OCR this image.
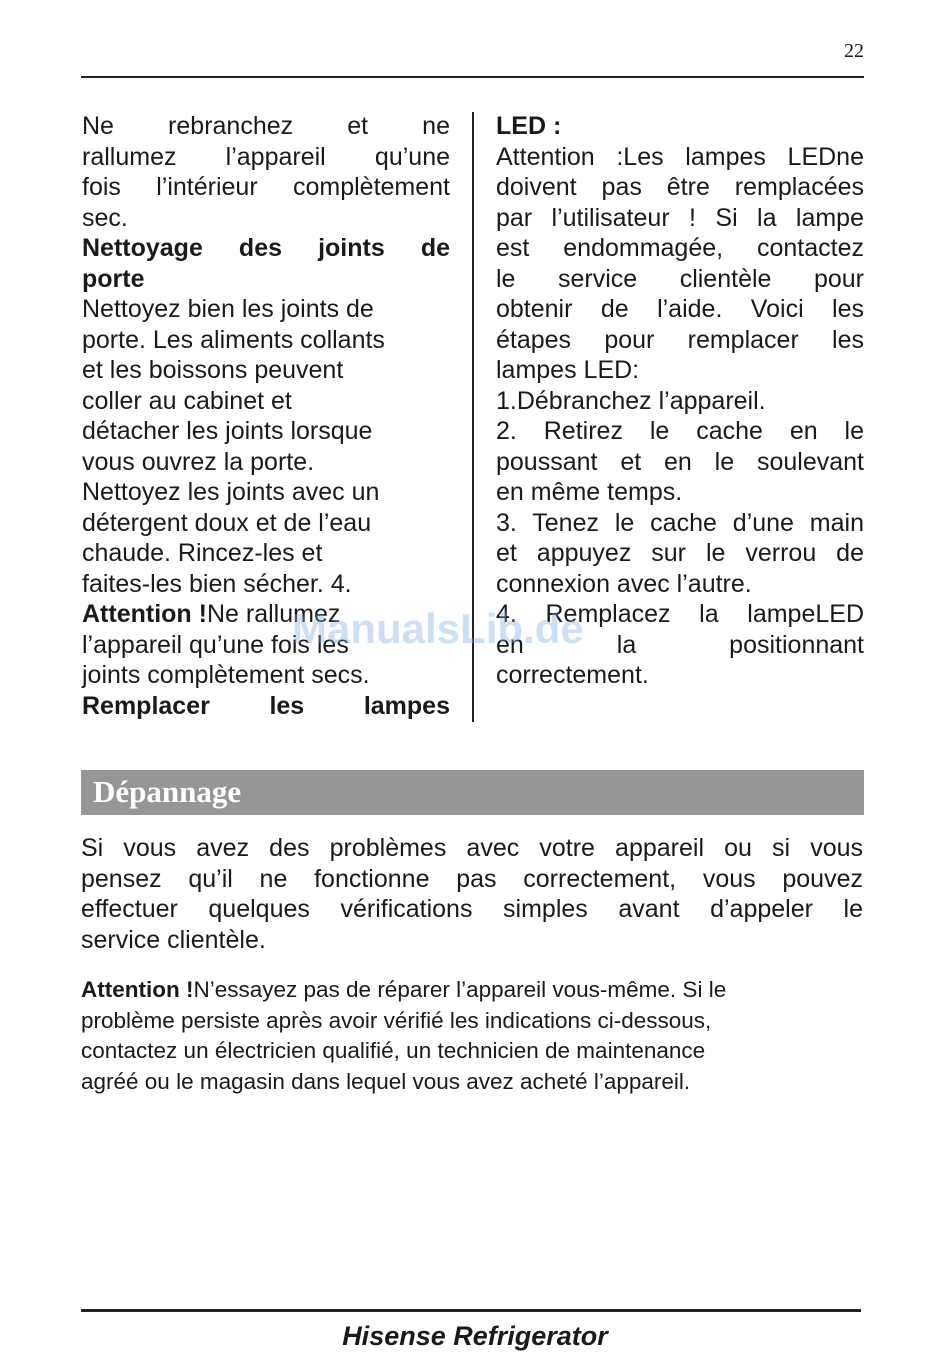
22

Ne rebranchez et ne

rallumez l’appareil qu’une

fois l’intérieur complètement

sec.

Nettoyage des joints de

porte

Nettoyez bien les joints de

porte. Les aliments collants

et les boissons peuvent

coller au cabinet et

détacher les joints lorsque

vous ouvrez la porte.

Nettoyez les joints avec un

détergent doux et de l’eau

chaude. Rincez-les et

faites-les bien sécher. 4.

Attention !Ne rallumez

l’appareil qu’une fois les

joints complètement secs.

Remplacer les lampes

LED :

Attention :Les lampes LEDne

doivent pas être remplacées

par l’utilisateur ! Si la lampe

est endommagée, contactez

le service clientèle pour

obtenir de l’aide. Voici les

étapes pour remplacer les

lampes LED:

1.Débranchez l’appareil.

2. Retirez le cache en le

poussant et en le soulevant

en même temps.

3. Tenez le cache d’une main

et appuyez sur le verrou de

connexion avec l’autre.

4. Remplacez la lampeLED

en la positionnant

correctement.

Dépannage

Si vous avez des problèmes avec votre appareil ou si vous
pensez qu’il ne fonctionne pas correctement, vous pouvez
effectuer quelques vérifications simples avant d’appeler le
service clientèle.

Attention !N’essayez pas de réparer l’appareil vous-même. Si le
problème persiste après avoir vérifié les indications ci-dessous,
contactez un électricien qualifié, un technicien de maintenance
agréé ou le magasin dans lequel vous avez acheté l’appareil.

Hisense Refrigerator
ManualsLib.de
